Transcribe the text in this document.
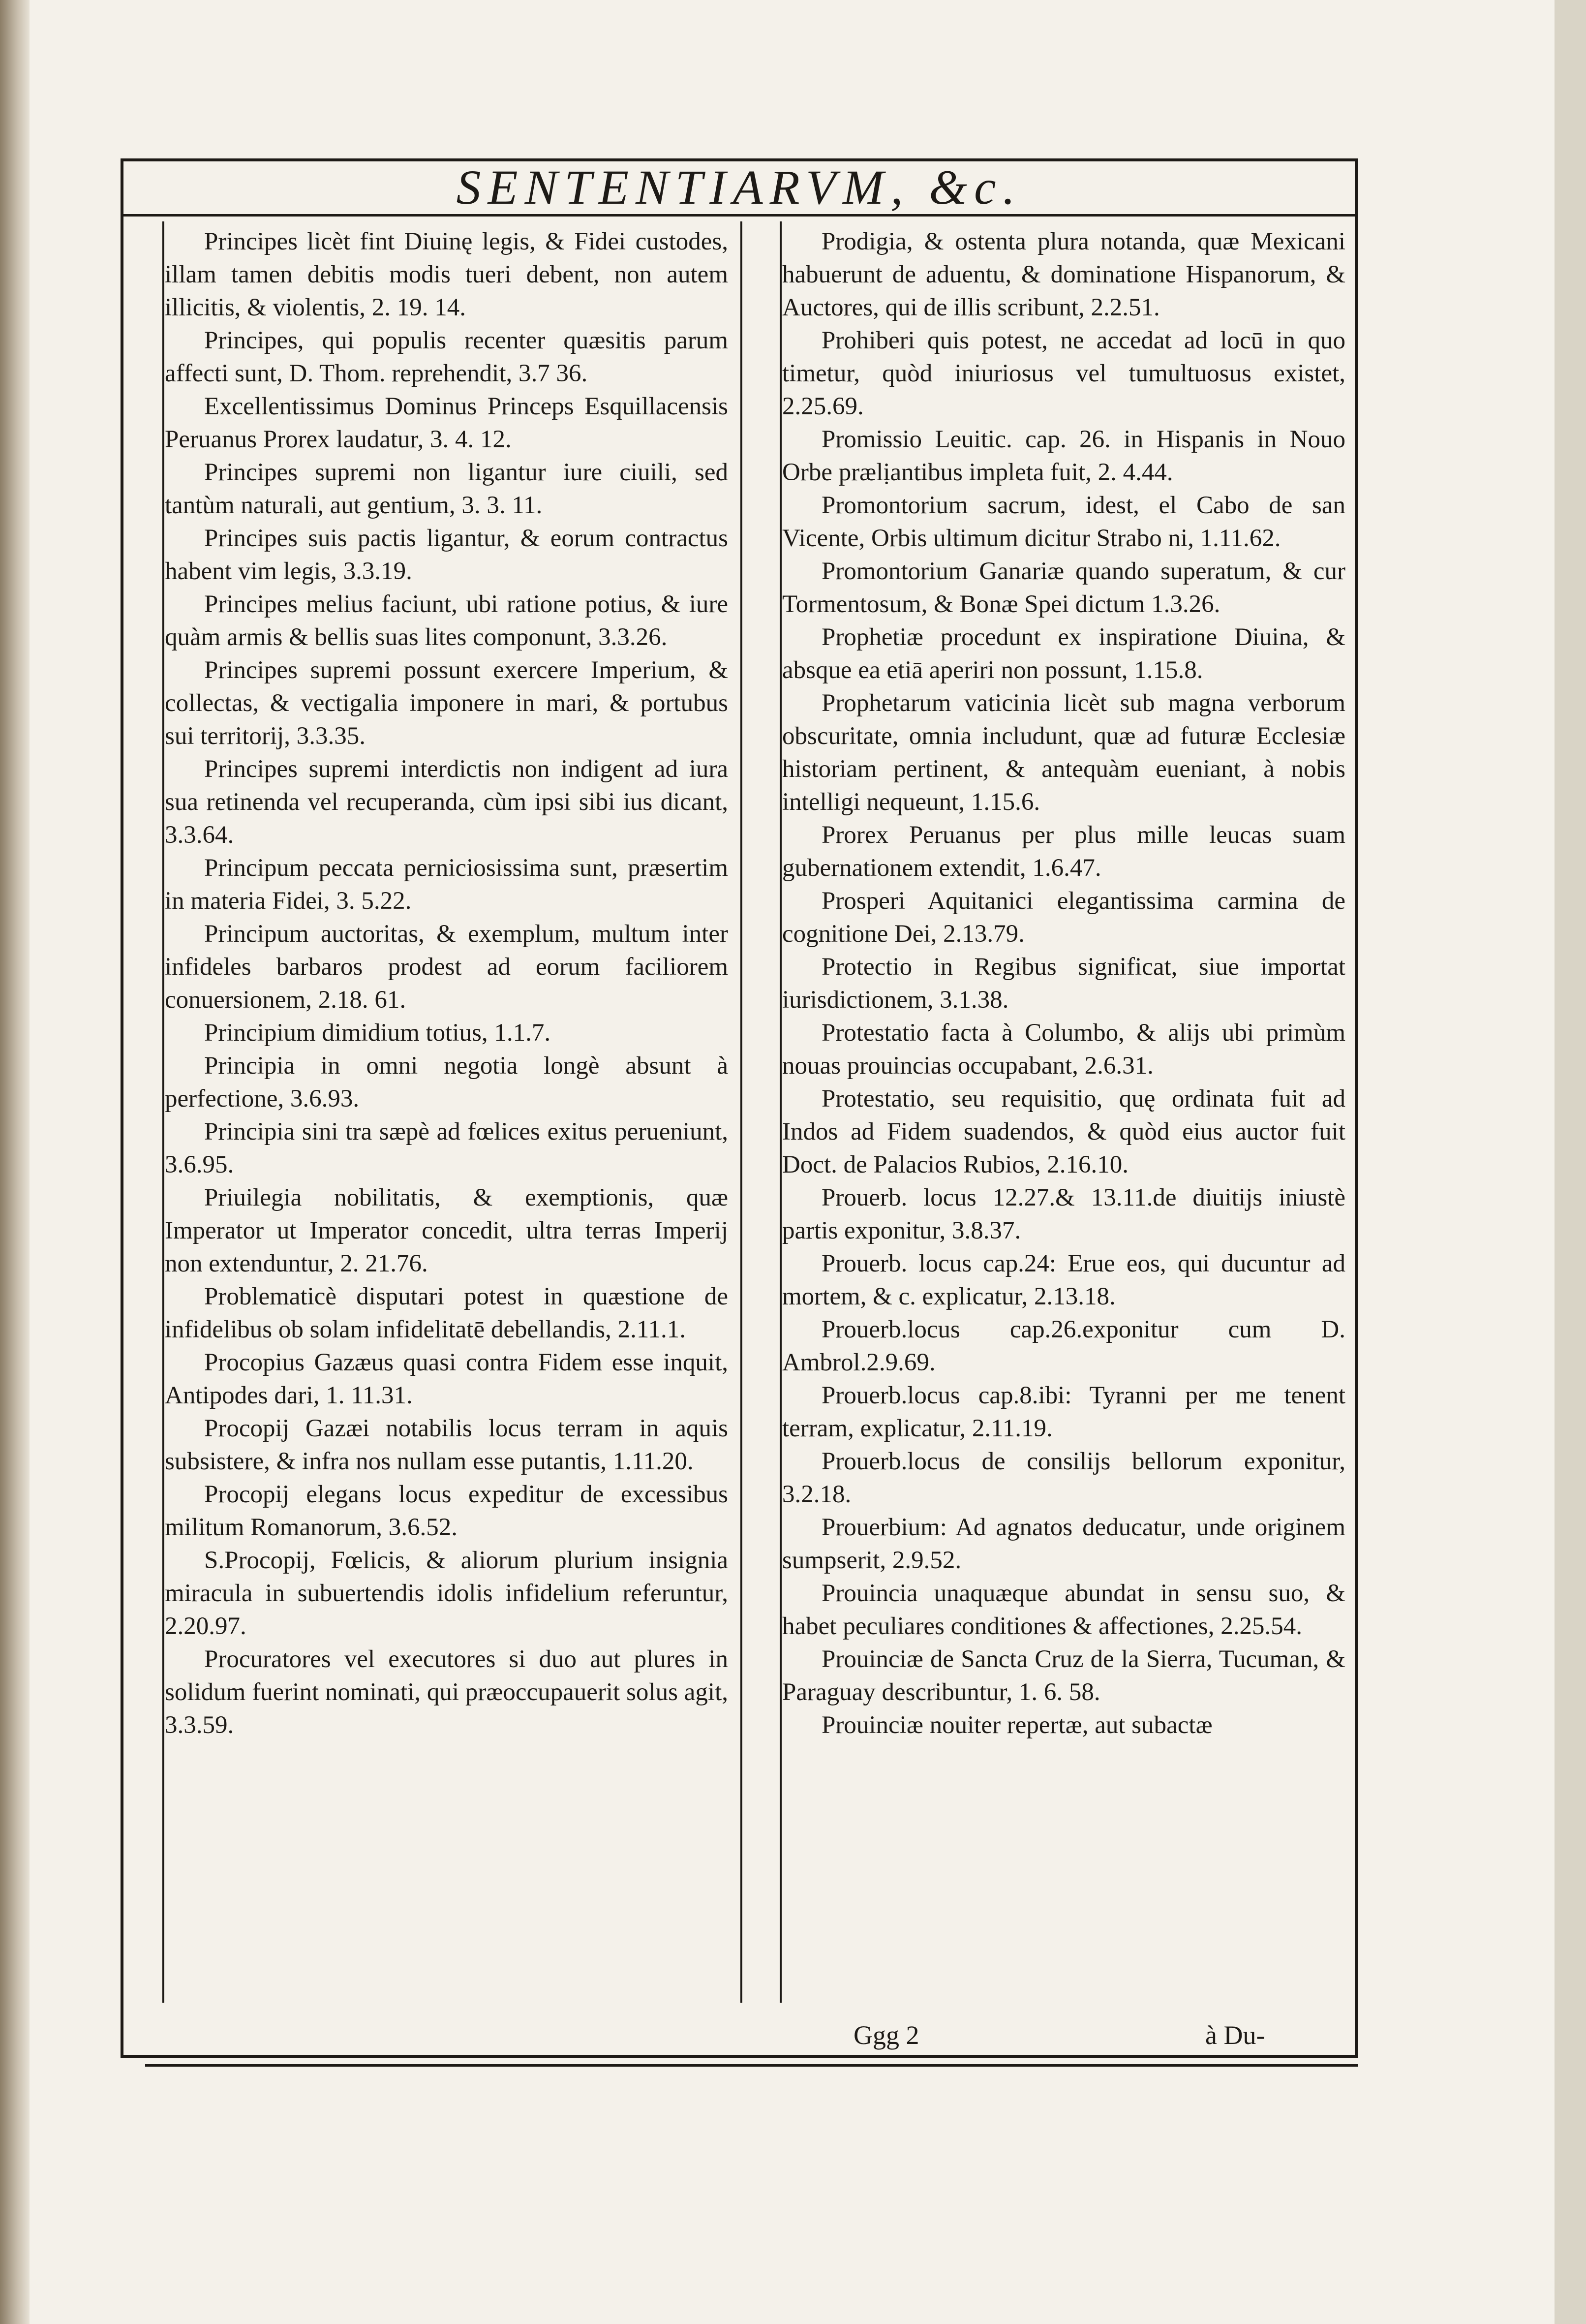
SENTENTIARVM, &c.

Principes licèt fint Diuinę legis, & Fidei custodes, illam tamen debitis modis tueri debent, non autem illicitis, & violentis, 2. 19. 14.

Principes, qui populis recenter quæsitis parum affecti sunt, D. Thom. reprehendit, 3.7 36.

Excellentissimus Dominus Princeps Esquillacensis Peruanus Prorex laudatur, 3. 4. 12.

Principes supremi non ligantur iure ciuili, sed tantùm naturali, aut gentium, 3. 3. 11.

Principes suis pactis ligantur, & eorum contractus habent vim legis, 3.3.19.

Principes melius faciunt, ubi ratione potius, & iure quàm armis & bellis suas lites componunt, 3.3.26.

Principes supremi possunt exercere Imperium, & collectas, & vectigalia imponere in mari, & portubus sui territorij, 3.3.35.

Principes supremi interdictis non indigent ad iura sua retinenda vel recuperanda, cùm ipsi sibi ius dicant, 3.3.64.

Principum peccata perniciosissima sunt, præsertim in materia Fidei, 3. 5.22.

Principum auctoritas, & exemplum, multum inter infideles barbaros prodest ad eorum faciliorem conuersionem, 2.18. 61.

Principium dimidium totius, 1.1.7.

Principia in omni negotia longè absunt à perfectione, 3.6.93.

Principia sini tra sæpè ad fœlices exitus perueniunt, 3.6.95.

Priuilegia nobilitatis, & exemptionis, quæ Imperator ut Imperator concedit, ultra terras Imperij non extenduntur, 2. 21.76.

Problematicè disputari potest in quæstione de infidelibus ob solam infidelitatē debellandis, 2.11.1.

Procopius Gazæus quasi contra Fidem esse inquit, Antipodes dari, 1. 11.31.

Procopij Gazæi notabilis locus terram in aquis subsistere, & infra nos nullam esse putantis, 1.11.20.

Procopij elegans locus expeditur de excessibus militum Romanorum, 3.6.52.

S.Procopij, Fœlicis, & aliorum plurium insignia miracula in subuertendis idolis infidelium referuntur, 2.20.97.

Procuratores vel executores si duo aut plures in solidum fuerint nominati, qui præoccupauerit solus agit, 3.3.59.

Prodigia, & ostenta plura notanda, quæ Mexicani habuerunt de aduentu, & dominatione Hispanorum, & Auctores, qui de illis scribunt, 2.2.51.

Prohiberi quis potest, ne accedat ad locū in quo timetur, quòd iniuriosus vel tumultuosus existet, 2.25.69.

Promissio Leuitic. cap. 26. in Hispanis in Nouo Orbe prælịantibus impleta fuit, 2. 4.44.

Promontorium sacrum, idest, el Cabo de san Vicente, Orbis ultimum dicitur Strabo ni, 1.11.62.

Promontorium Ganariæ quando superatum, & cur Tormentosum, & Bonæ Spei dictum 1.3.26.

Prophetiæ procedunt ex inspiratione Diuina, & absque ea etiā aperiri non possunt, 1.15.8.

Prophetarum vaticinia licèt sub magna verborum obscuritate, omnia includunt, quæ ad futuræ Ecclesiæ historiam pertinent, & antequàm eueniant, à nobis intelligi nequeunt, 1.15.6.

Prorex Peruanus per plus mille leucas suam gubernationem extendit, 1.6.47.

Prosperi Aquitanici elegantissima carmina de cognitione Dei, 2.13.79.

Protectio in Regibus significat, siue importat iurisdictionem, 3.1.38.

Protestatio facta à Columbo, & alijs ubi primùm nouas prouincias occupabant, 2.6.31.

Protestatio, seu requisitio, quę ordinata fuit ad Indos ad Fidem suadendos, & quòd eius auctor fuit Doct. de Palacios Rubios, 2.16.10.

Prouerb. locus 12.27.& 13.11.de diuitijs iniustè partis exponitur, 3.8.37.

Prouerb. locus cap.24: Erue eos, qui ducuntur ad mortem, & c. explicatur, 2.13.18.

Prouerb.locus cap.26.exponitur cum D. Ambrol.2.9.69.

Prouerb.locus cap.8.ibi: Tyranni per me tenent terram, explicatur, 2.11.19.

Prouerb.locus de consilijs bellorum exponitur, 3.2.18.

Prouerbium: Ad agnatos deducatur, unde originem sumpserit, 2.9.52.

Prouincia unaquæque abundat in sensu suo, & habet peculiares conditiones & affectiones, 2.25.54.

Prouinciæ de Sancta Cruz de la Sierra, Tucuman, & Paraguay describuntur, 1. 6. 58.

Prouinciæ nouiter repertæ, aut subactæ

Ggg 2	à Du-
